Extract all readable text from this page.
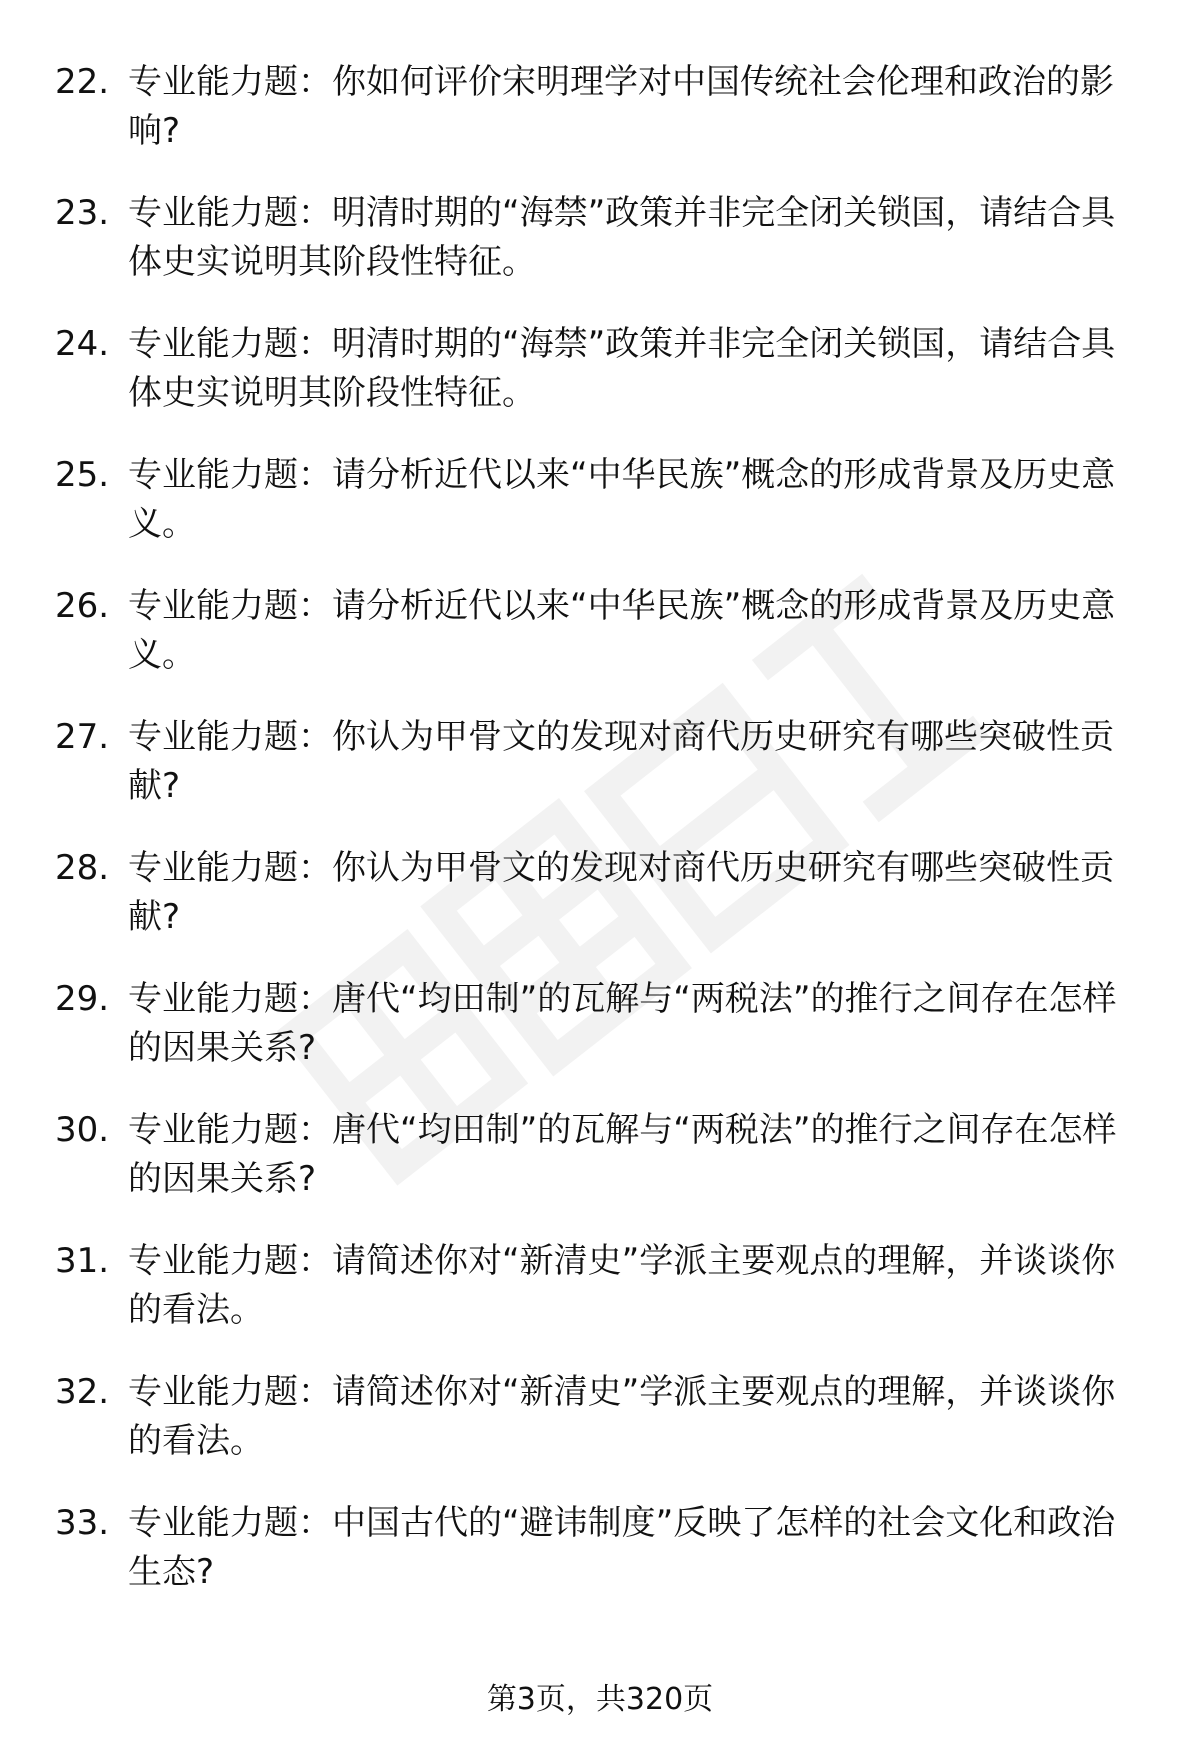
22. 专业能力题：你如何评价宋明理学对中国传统社会伦理和政治的影响?
23. 专业能力题：明清时期的“海禁”政策并非完全闭关锁国，请结合具体史实说明其阶段性特征。
24. 专业能力题：明清时期的“海禁”政策并非完全闭关锁国，请结合具体史实说明其阶段性特征。
25. 专业能力题：请分析近代以来“中华民族”概念的形成背景及历史意义。
26. 专业能力题：请分析近代以来“中华民族”概念的形成背景及历史意义。
27. 专业能力题：你认为甲骨文的发现对商代历史研究有哪些突破性贡献?
28. 专业能力题：你认为甲骨文的发现对商代历史研究有哪些突破性贡献?
29. 专业能力题：唐代“均田制”的瓦解与“两税法”的推行之间存在怎样的因果关系?
30. 专业能力题：唐代“均田制”的瓦解与“两税法”的推行之间存在怎样的因果关系?
31. 专业能力题：请简述你对“新清史”学派主要观点的理解，并谈谈你的看法。
32. 专业能力题：请简述你对“新清史”学派主要观点的理解，并谈谈你的看法。
33. 专业能力题：中国古代的“避讳制度”反映了怎样的社会文化和政治生态?
第3页，共320页
